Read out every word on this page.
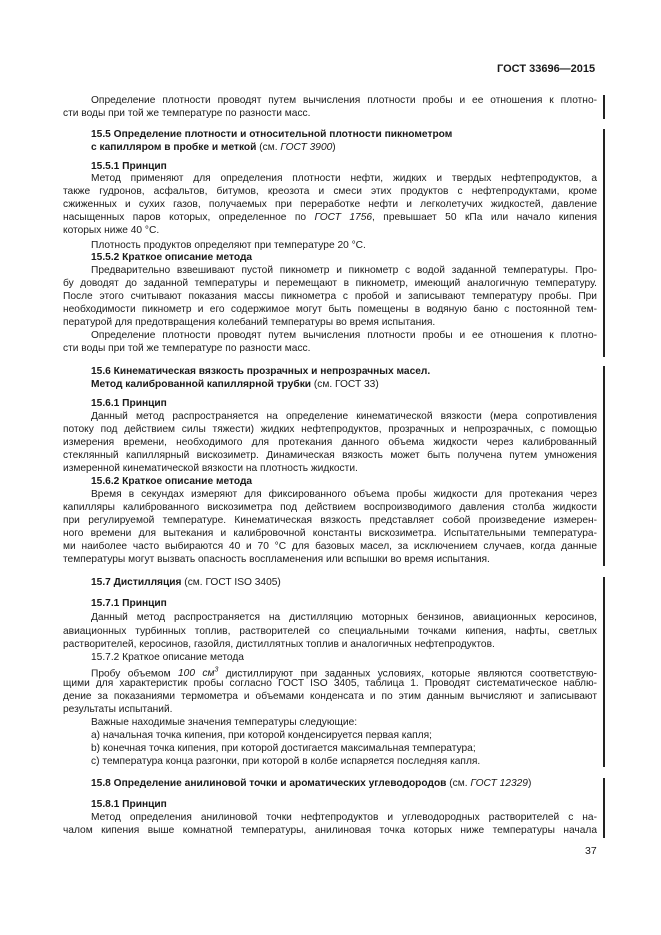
ГОСТ 33696—2015
Определение плотности проводят путем вычисления плотности пробы и ее отношения к плотно-
сти воды при той же температуре по разности масс.
15.5 Определение плотности и относительной плотности пикнометром
с капилляром в пробке и меткой (см. ГОСТ 3900)
15.5.1 Принцип
Метод применяют для определения плотности нефти, жидких и твердых нефтепродуктов, а
также гудронов, асфальтов, битумов, креозота и смеси этих продуктов с нефтепродуктами, кроме
сжиженных и сухих газов, получаемых при переработке нефти и легколетучих жидкостей, давление
насыщенных паров которых, определенное по ГОСТ 1756, превышает 50 кПа или начало кипения
которых ниже 40 °С.
Плотность продуктов определяют при температуре 20 °С.
15.5.2 Краткое описание метода
Предварительно взвешивают пустой пикнометр и пикнометр с водой заданной температуры. Про-
бу доводят до заданной температуры и перемещают в пикнометр, имеющий аналогичную температуру.
После этого считывают показания массы пикнометра с пробой и записывают температуру пробы. При
необходимости пикнометр и его содержимое могут быть помещены в водяную баню с постоянной тем-
пературой для предотвращения колебаний температуры во время испытания.
Определение плотности проводят путем вычисления плотности пробы и ее отношения к плотно-
сти воды при той же температуре по разности масс.
15.6 Кинематическая вязкость прозрачных и непрозрачных масел.
Метод калиброванной капиллярной трубки (см. ГОСТ 33)
15.6.1 Принцип
Данный метод распространяется на определение кинематической вязкости (мера сопротивления
потоку под действием силы тяжести) жидких нефтепродуктов, прозрачных и непрозрачных, с помощью
измерения времени, необходимого для протекания данного объема жидкости через калиброванный
стеклянный капиллярный вискозиметр. Динамическая вязкость может быть получена путем умножения
измеренной кинематической вязкости на плотность жидкости.
15.6.2 Краткое описание метода
Время в секундах измеряют для фиксированного объема пробы жидкости для протекания через
капилляры калиброванного вискозиметра под действием воспроизводимого давления столба жидкости
при регулируемой температуре. Кинематическая вязкость представляет собой произведение измерен-
ного времени для вытекания и калибровочной константы вискозиметра. Испытательными температура-
ми наиболее часто выбираются 40 и 70 °С для базовых масел, за исключением случаев, когда данные
температуры могут вызвать опасность воспламенения или вспышки во время испытания.
15.7 Дистилляция (см. ГОСТ ISO 3405)
15.7.1 Принцип
Данный метод распространяется на дистилляцию моторных бензинов, авиационных керосинов,
авиационных турбинных топлив, растворителей со специальными точками кипения, нафты, светлых
растворителей, керосинов, газойля, дистиллятных топлив и аналогичных нефтепродуктов.
15.7.2 Краткое описание метода
Пробу объемом 100 $см^3$ дистиллируют при заданных условиях, которые являются соответствую-
щими для характеристик пробы согласно ГОСТ ISO 3405, таблица 1. Проводят систематическое наблю-
дение за показаниями термометра и объемами конденсата и по этим данным вычисляют и записывают
результаты испытаний.
Важные находимые значения температуры следующие:
а) начальная точка кипения, при которой конденсируется первая капля;
b) конечная точка кипения, при которой достигается максимальная температура;
с) температура конца разгонки, при которой в колбе испаряется последняя капля.
15.8 Определение анилиновой точки и ароматических углеводородов (см. ГОСТ 12329)
15.8.1 Принцип
Метод определения анилиновой точки нефтепродуктов и углеводородных растворителей с на-
чалом кипения выше комнатной температуры, анилиновая точка которых ниже температуры начала
37
